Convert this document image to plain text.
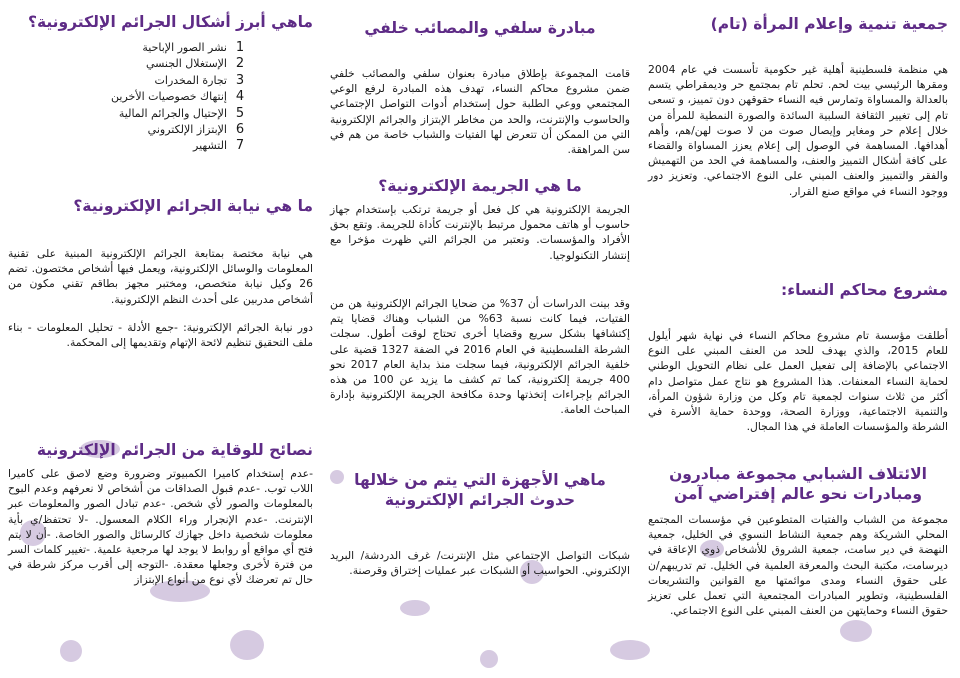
جمعية تنمية وإعلام المرأة (تام)

هي منظمة فلسطينية أهلية غير حكومية تأسست في عام 2004 ومقرها الرئيسي بيت لحم. تحلم تام بمجتمع حر وديمقراطي يتسم بالعدالة والمساواة وتمارس فيه النساء حقوقهن دون تمييز، و تسعى تام إلى تغيير الثقافة السلبية السائدة والصورة النمطية للمرأة من خلال إعلام حر ومغاير وإيصال صوت من لا صوت لهن/هم، وأهم أهدافها. المساهمة في الوصول إلى إعلام يعزز المساواة والقضاء على كافة أشكال التمييز والعنف، والمساهمة في الحد من التهميش والفقر والتمييز والعنف المبني على النوع الاجتماعي. وتعزيز دور ووجود النساء في مواقع صنع القرار.

مشروع محاكم النساء:

أطلقت مؤسسة تام مشروع محاكم النساء في نهاية شهر أيلول للعام 2015، والذي يهدف للحد من العنف المبني على النوع الاجتماعي بالإضافة إلى تفعيل العمل على نظام التحويل الوطني لحماية النساء المعنفات. هذا المشروع هو نتاج عمل متواصل دام أكثر من ثلاث سنوات لجمعية تام وكل من وزارة شؤون المرأة، والتنمية الاجتماعية، ووزارة الصحة، ووحدة حماية الأسرة في الشرطة والمؤسسات العاملة في هذا المجال.

الائتلاف الشبابي مجموعة مبادرون ومبادرات نحو عالم إفتراضي آمن

مجموعة من الشباب والفتيات المتطوعين في مؤسسات المجتمع المحلي الشريكة وهم جمعية النشاط النسوي في الخليل، جمعية النهضة في دير سامت، جمعية الشروق للأشخاص ذوي الإعاقة في ديرسامت، مكتبة البحث والمعرفة العلمية في الخليل. تم تدريبهم/ن على حقوق النساء ومدى موائمتها مع القوانين والتشريعات الفلسطينية، وتطوير المبادرات المجتمعية التي تعمل على تعزيز حقوق النساء وحمايتهن من العنف المبني على النوع الاجتماعي.

مبادرة سلفي والمصائب خلفي

قامت المجموعة بإطلاق مبادرة بعنوان سلفي والمصائب خلفي ضمن مشروع محاكم النساء، تهدف هذه المبادرة لرفع الوعي المجتمعي ووعي الطلبة حول إستخدام أدوات التواصل الإجتماعي والحاسوب والإنترنت، والحد من مخاطر الإبتزاز والجرائم الإلكترونية التي من الممكن أن تتعرض لها الفتيات والشباب خاصة من هم في سن المراهقة.

ما هي الجريمة الإلكترونية؟

الجريمة الإلكترونية هي كل فعل أو جريمة ترتكب بإستخدام جهاز حاسوب أو هاتف محمول مرتبط بالإنترنت كأداة للجريمة. وتقع بحق الأفراد والمؤسسات. وتعتبر من الجرائم التي ظهرت مؤخرا مع إنتشار التكنولوجيا.

وقد بينت الدراسات أن 37% من ضحايا الجرائم الإلكترونية هن من الفتيات، فيما كانت نسبة 63% من الشباب وهناك قضايا يتم إكتشافها بشكل سريع وقضايا أخرى تحتاج لوقت أطول. سجلت الشرطة الفلسطينية في العام 2016 في الضفة 1327 قضية على خلفية الجرائم الإلكترونية، فيما سجلت منذ بداية العام 2017 نحو 400 جريمة إلكترونية، كما تم كشف ما يزيد عن 100 من هذه الجرائم بإجراءات إتخذتها وحدة مكافحة الجريمة الإلكترونية بإدارة المباحث العامة.

ماهي الأجهزة التي يتم من خلالها حدوث الجرائم الإلكترونية

شبكات التواصل الإجتماعي مثل الإنترنت/ غرف الدردشة/ البريد الإلكتروني. الحواسيب أو الشبكات عبر عمليات إختراق وقرصنة.

ماهي أبرز أشكال الجرائم الإلكترونية؟
1
نشر الصور الإباحية
2
الإستغلال الجنسي
3
تجارة المخدرات
4
إنتهاك خصوصيات الأخرين
5
الإحتيال والجرائم المالية
6
الإبتزاز الإلكتروني
7
التشهير
ما هي نيابة الجرائم الإلكترونية؟

هي نيابة مختصة بمتابعة الجرائم الإلكترونية المبنية على تقنية المعلومات والوسائل الإلكترونية، ويعمل فيها أشخاص مختصون. تضم 26 وكيل نيابة متخصص، ومختبر مجهز بطاقم تقني مكون من أشخاص مدربين على أحدث النظم الإلكترونية.

دور نيابة الجرائم الإلكترونية: -جمع الأدلة - تحليل المعلومات - بناء ملف التحقيق تنظيم لائحة الإتهام وتقديمها إلى المحكمة.

نصائح للوقاية من الجرائم الإلكترونية

-عدم إستخدام كاميرا الكمبيوتر وضرورة وضع لاصق على كاميرا اللاب توب. -عدم قبول الصداقات من أشخاص لا نعرفهم وعدم البوح بالمعلومات والصور لأي شخص. -عدم تبادل الصور والمعلومات عبر الإنترنت. -عدم الإنجرار وراء الكلام المعسول. -لا تحتفظ/ي بأية معلومات شخصية داخل جهازك كالرسائل والصور الخاصة. -أن لا يتم فتح أي مواقع أو روابط لا يوجد لها مرجعية علمية. -تغيير كلمات السر من فترة لأخرى وجعلها معقدة. -التوجه إلى أقرب مركز شرطة في حال تم تعرضك لأي نوع من أنواع الإبتزاز
